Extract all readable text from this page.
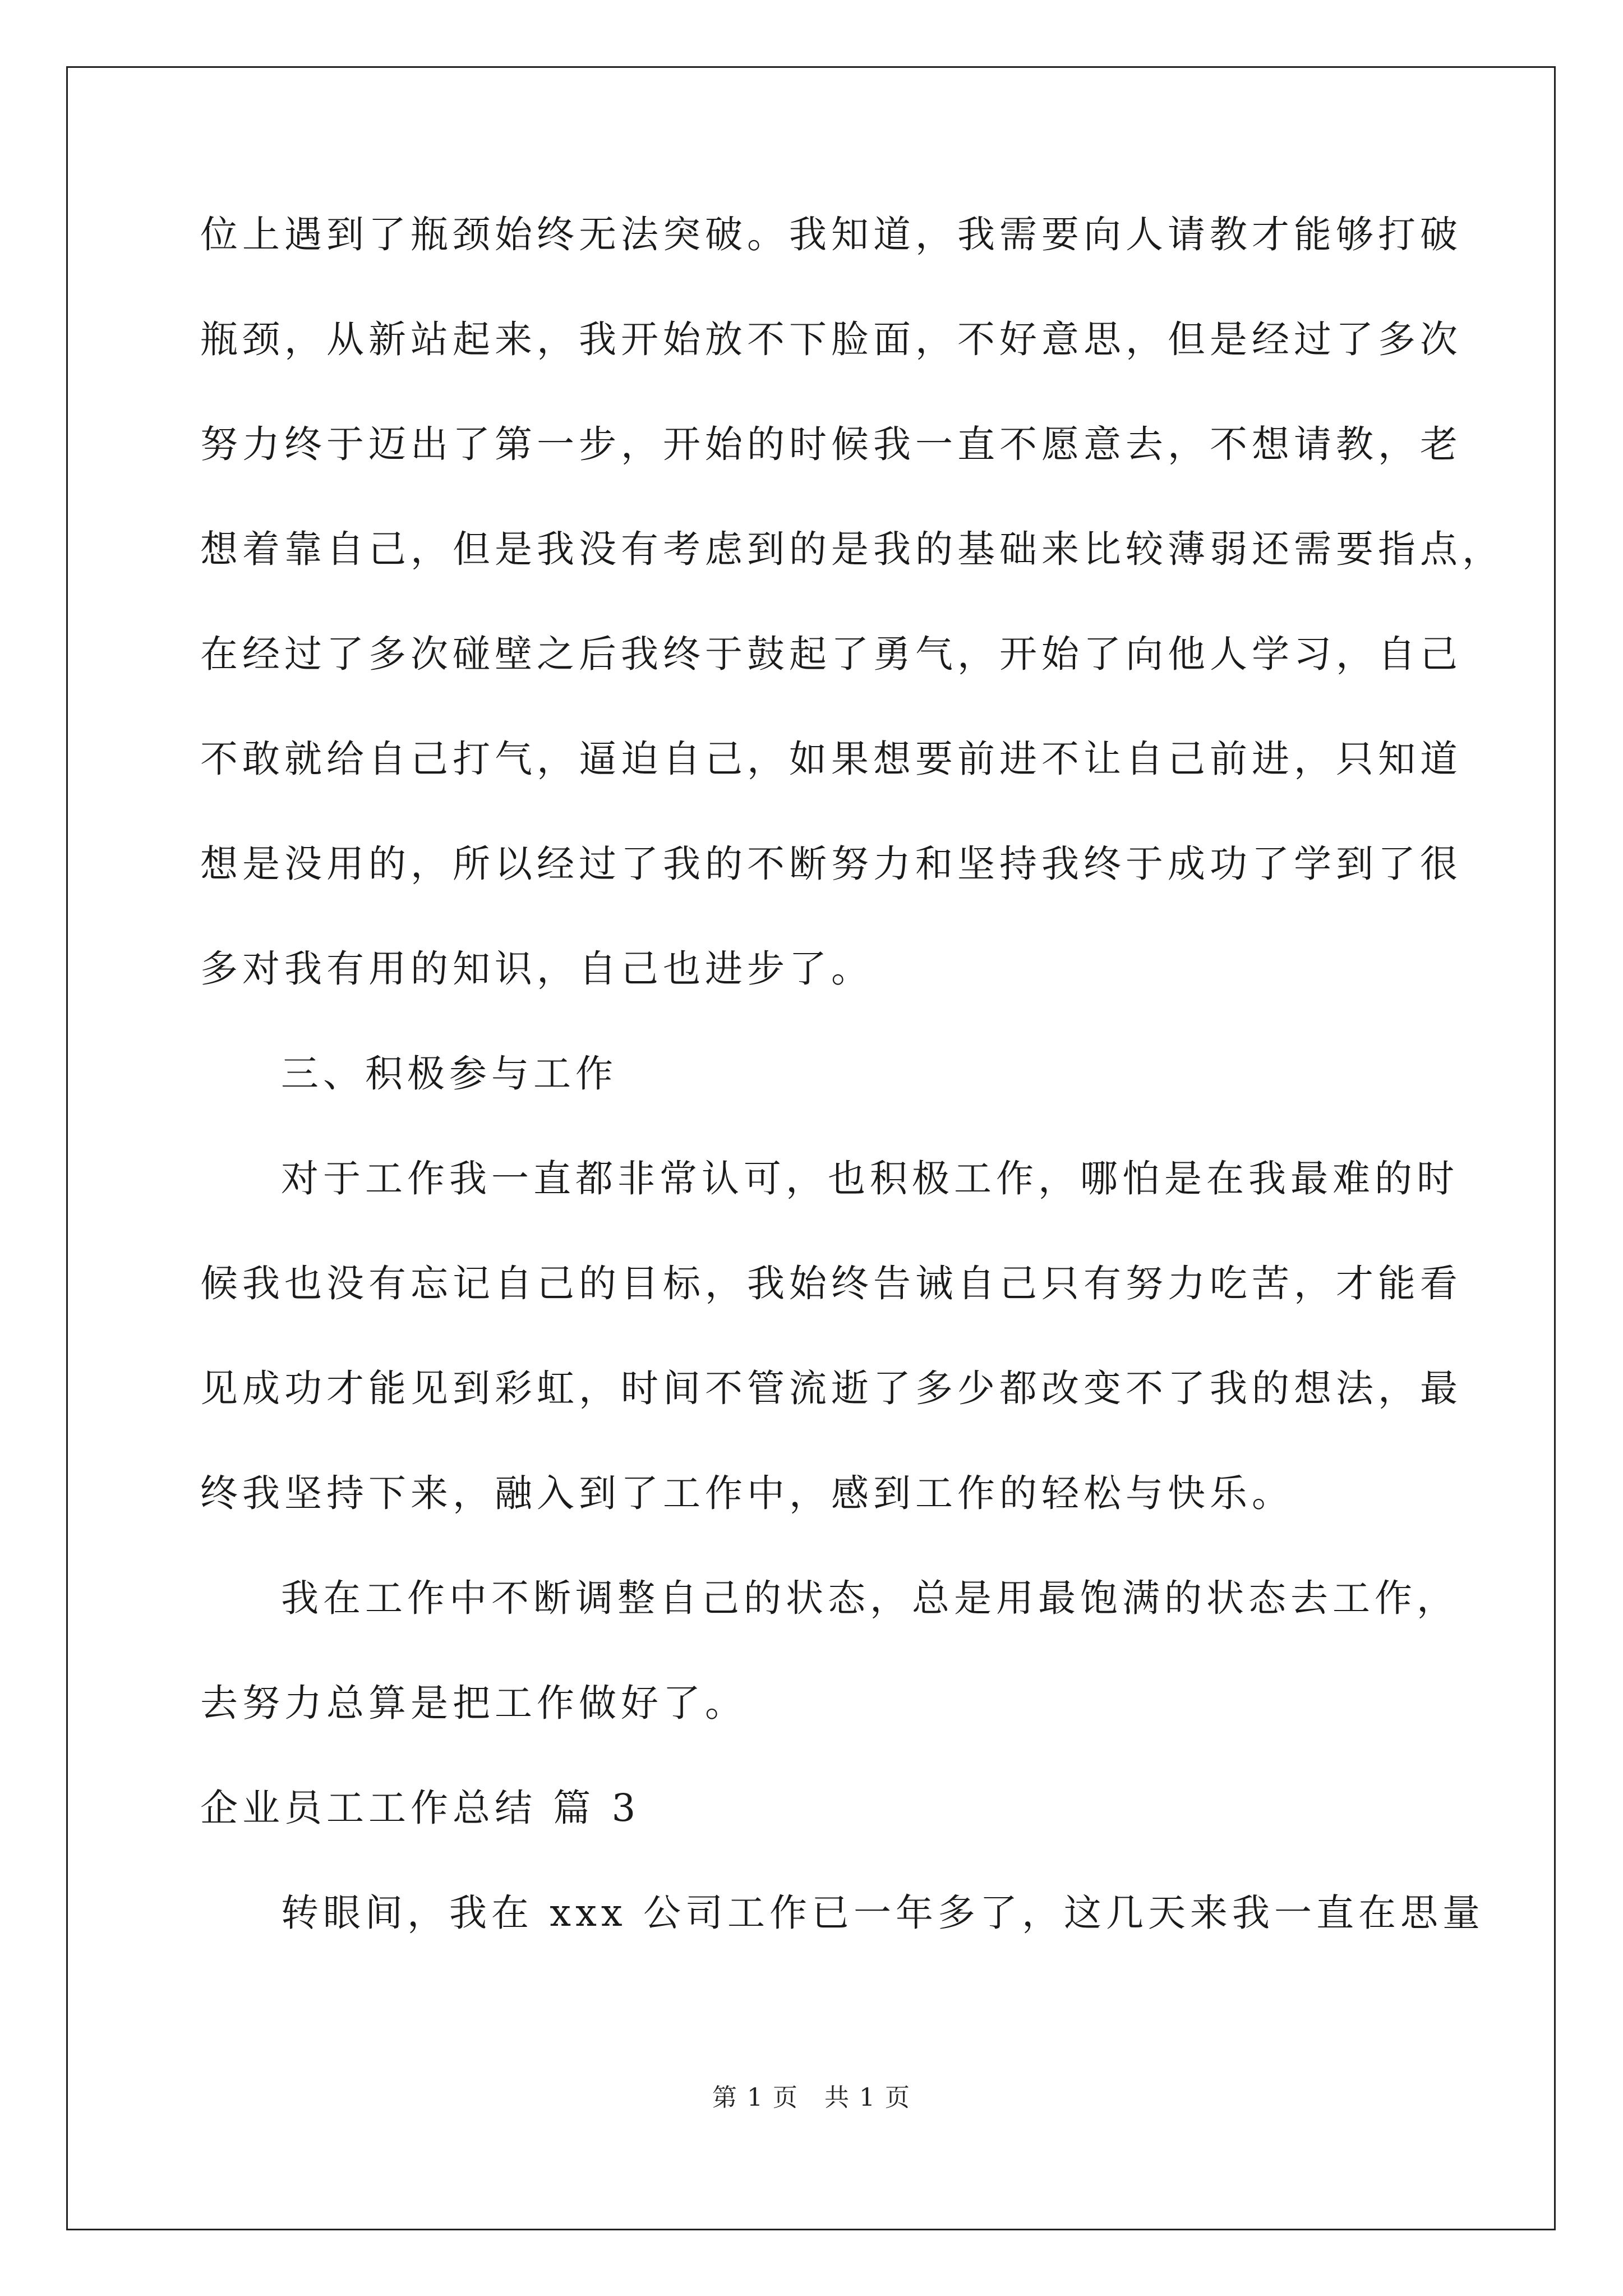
位上遇到了瓶颈始终无法突破。我知道，我需要向人请教才能够打破
瓶颈，从新站起来，我开始放不下脸面，不好意思，但是经过了多次
努力终于迈出了第一步，开始的时候我一直不愿意去，不想请教，老
想着靠自己，但是我没有考虑到的是我的基础来比较薄弱还需要指点，
在经过了多次碰壁之后我终于鼓起了勇气，开始了向他人学习，自己
不敢就给自己打气，逼迫自己，如果想要前进不让自己前进，只知道
想是没用的，所以经过了我的不断努力和坚持我终于成功了学到了很
多对我有用的知识，自己也进步了。
三、积极参与工作
对于工作我一直都非常认可，也积极工作，哪怕是在我最难的时
候我也没有忘记自己的目标，我始终告诫自己只有努力吃苦，才能看
见成功才能见到彩虹，时间不管流逝了多少都改变不了我的想法，最
终我坚持下来，融入到了工作中，感到工作的轻松与快乐。
我在工作中不断调整自己的状态，总是用最饱满的状态去工作，
去努力总算是把工作做好了。
企业员工工作总结 篇 3
转眼间，我在 xxx 公司工作已一年多了，这几天来我一直在思量
第 1 页　共 1 页
